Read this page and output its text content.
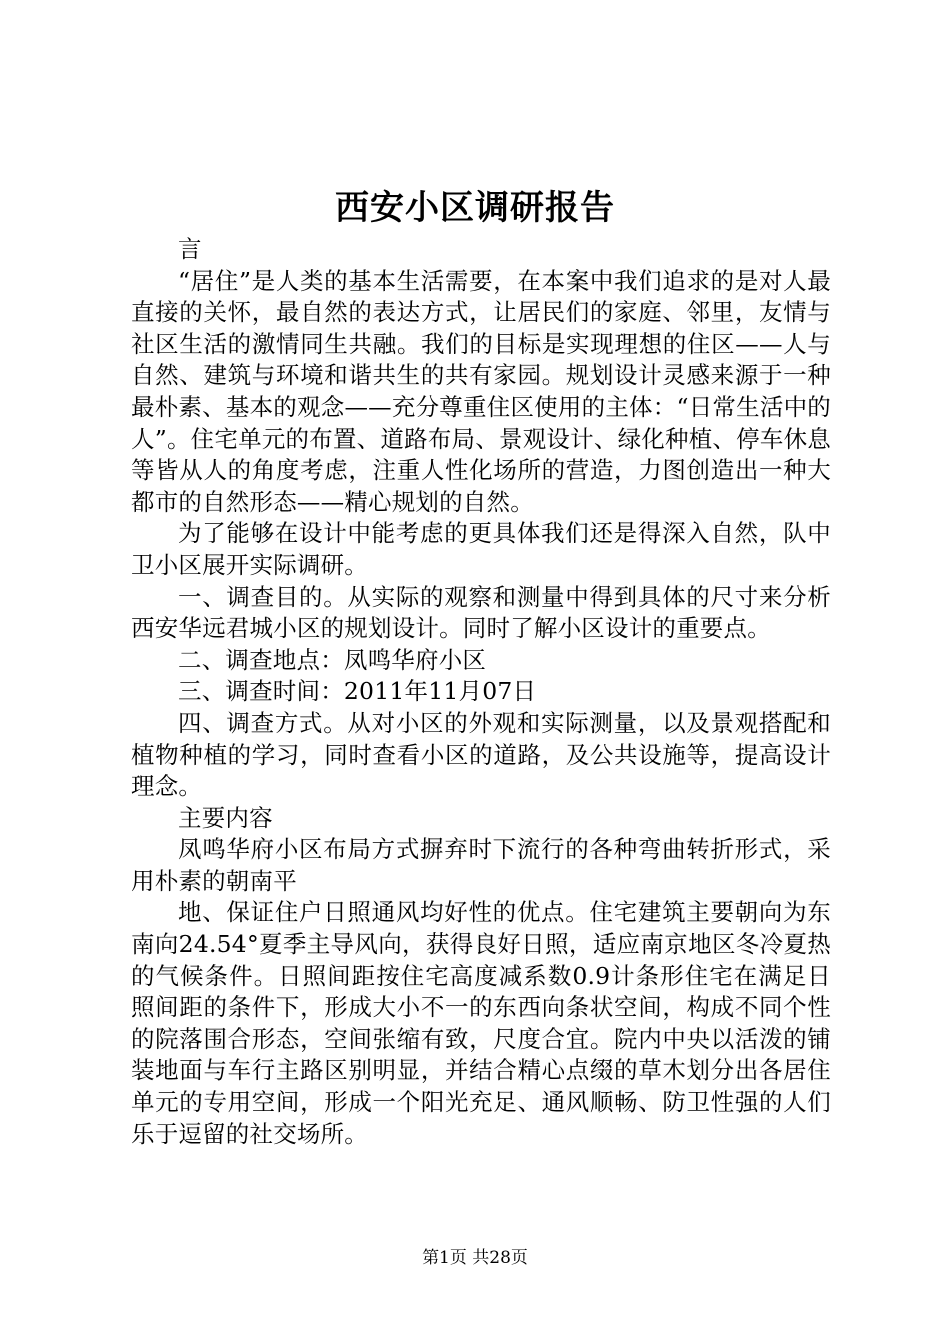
西安小区调研报告

言

“居住”是人类的基本生活需要，在本案中我们追求的是对人最直接的关怀，最自然的表达方式，让居民们的家庭、邻里，友情与社区生活的激情同生共融。我们的目标是实现理想的住区——人与自然、建筑与环境和谐共生的共有家园。规划设计灵感来源于一种最朴素、基本的观念——充分尊重住区使用的主体：“日常生活中的人”。住宅单元的布置、道路布局、景观设计、绿化种植、停车休息等皆从人的角度考虑，注重人性化场所的营造，力图创造出一种大都市的自然形态——精心规划的自然。

为了能够在设计中能考虑的更具体我们还是得深入自然，队中卫小区展开实际调研。

一、调查目的。从实际的观察和测量中得到具体的尺寸来分析西安华远君城小区的规划设计。同时了解小区设计的重要点。

二、调查地点：凤鸣华府小区

三、调查时间：2011年11月07日

四、调查方式。从对小区的外观和实际测量，以及景观搭配和植物种植的学习，同时查看小区的道路，及公共设施等，提高设计理念。

主要内容

凤鸣华府小区布局方式摒弃时下流行的各种弯曲转折形式，采用朴素的朝南平

地、保证住户日照通风均好性的优点。住宅建筑主要朝向为东南向24.54°夏季主导风向，获得良好日照，适应南京地区冬冷夏热的气候条件。日照间距按住宅高度减系数0.9计条形住宅在满足日照间距的条件下，形成大小不一的东西向条状空间，构成不同个性的院落围合形态，空间张缩有致，尺度合宜。院内中央以活泼的铺装地面与车行主路区别明显，并结合精心点缀的草木划分出各居住单元的专用空间，形成一个阳光充足、通风顺畅、防卫性强的人们乐于逗留的社交场所。

第1页 共28页
